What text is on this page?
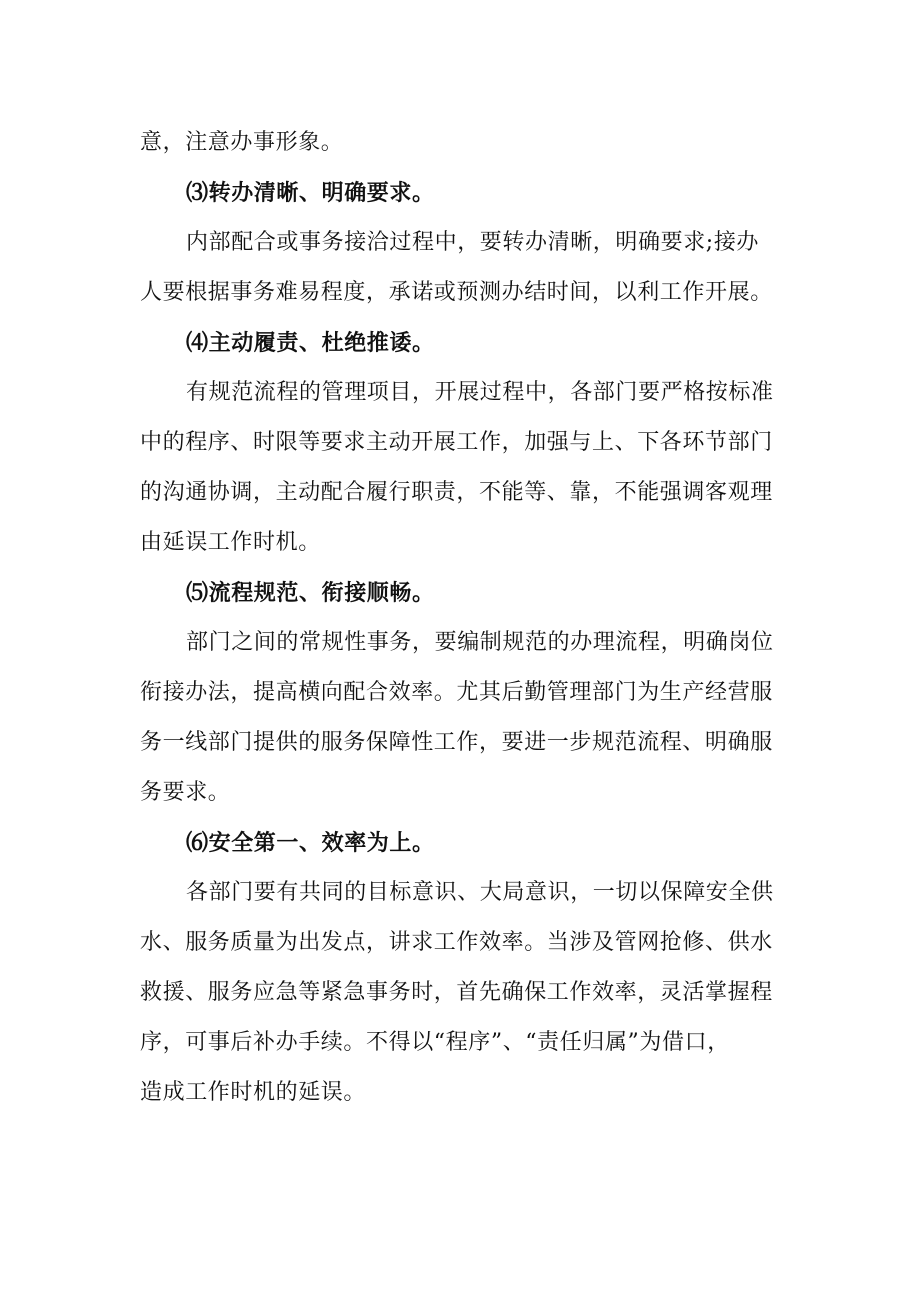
意，注意办事形象。
⑶转办清晰、明确要求。
内部配合或事务接洽过程中，要转办清晰，明确要求;接办
人要根据事务难易程度，承诺或预测办结时间，以利工作开展。
⑷主动履责、杜绝推诿。
有规范流程的管理项目，开展过程中，各部门要严格按标准
中的程序、时限等要求主动开展工作，加强与上、下各环节部门
的沟通协调，主动配合履行职责，不能等、靠，不能强调客观理
由延误工作时机。
⑸流程规范、衔接顺畅。
部门之间的常规性事务，要编制规范的办理流程，明确岗位
衔接办法，提高横向配合效率。尤其后勤管理部门为生产经营服
务一线部门提供的服务保障性工作，要进一步规范流程、明确服
务要求。
⑹安全第一、效率为上。
各部门要有共同的目标意识、大局意识，一切以保障安全供
水、服务质量为出发点，讲求工作效率。当涉及管网抢修、供水
救援、服务应急等紧急事务时，首先确保工作效率，灵活掌握程
序，可事后补办手续。不得以“程序”、“责任归属”为借口，
造成工作时机的延误。
